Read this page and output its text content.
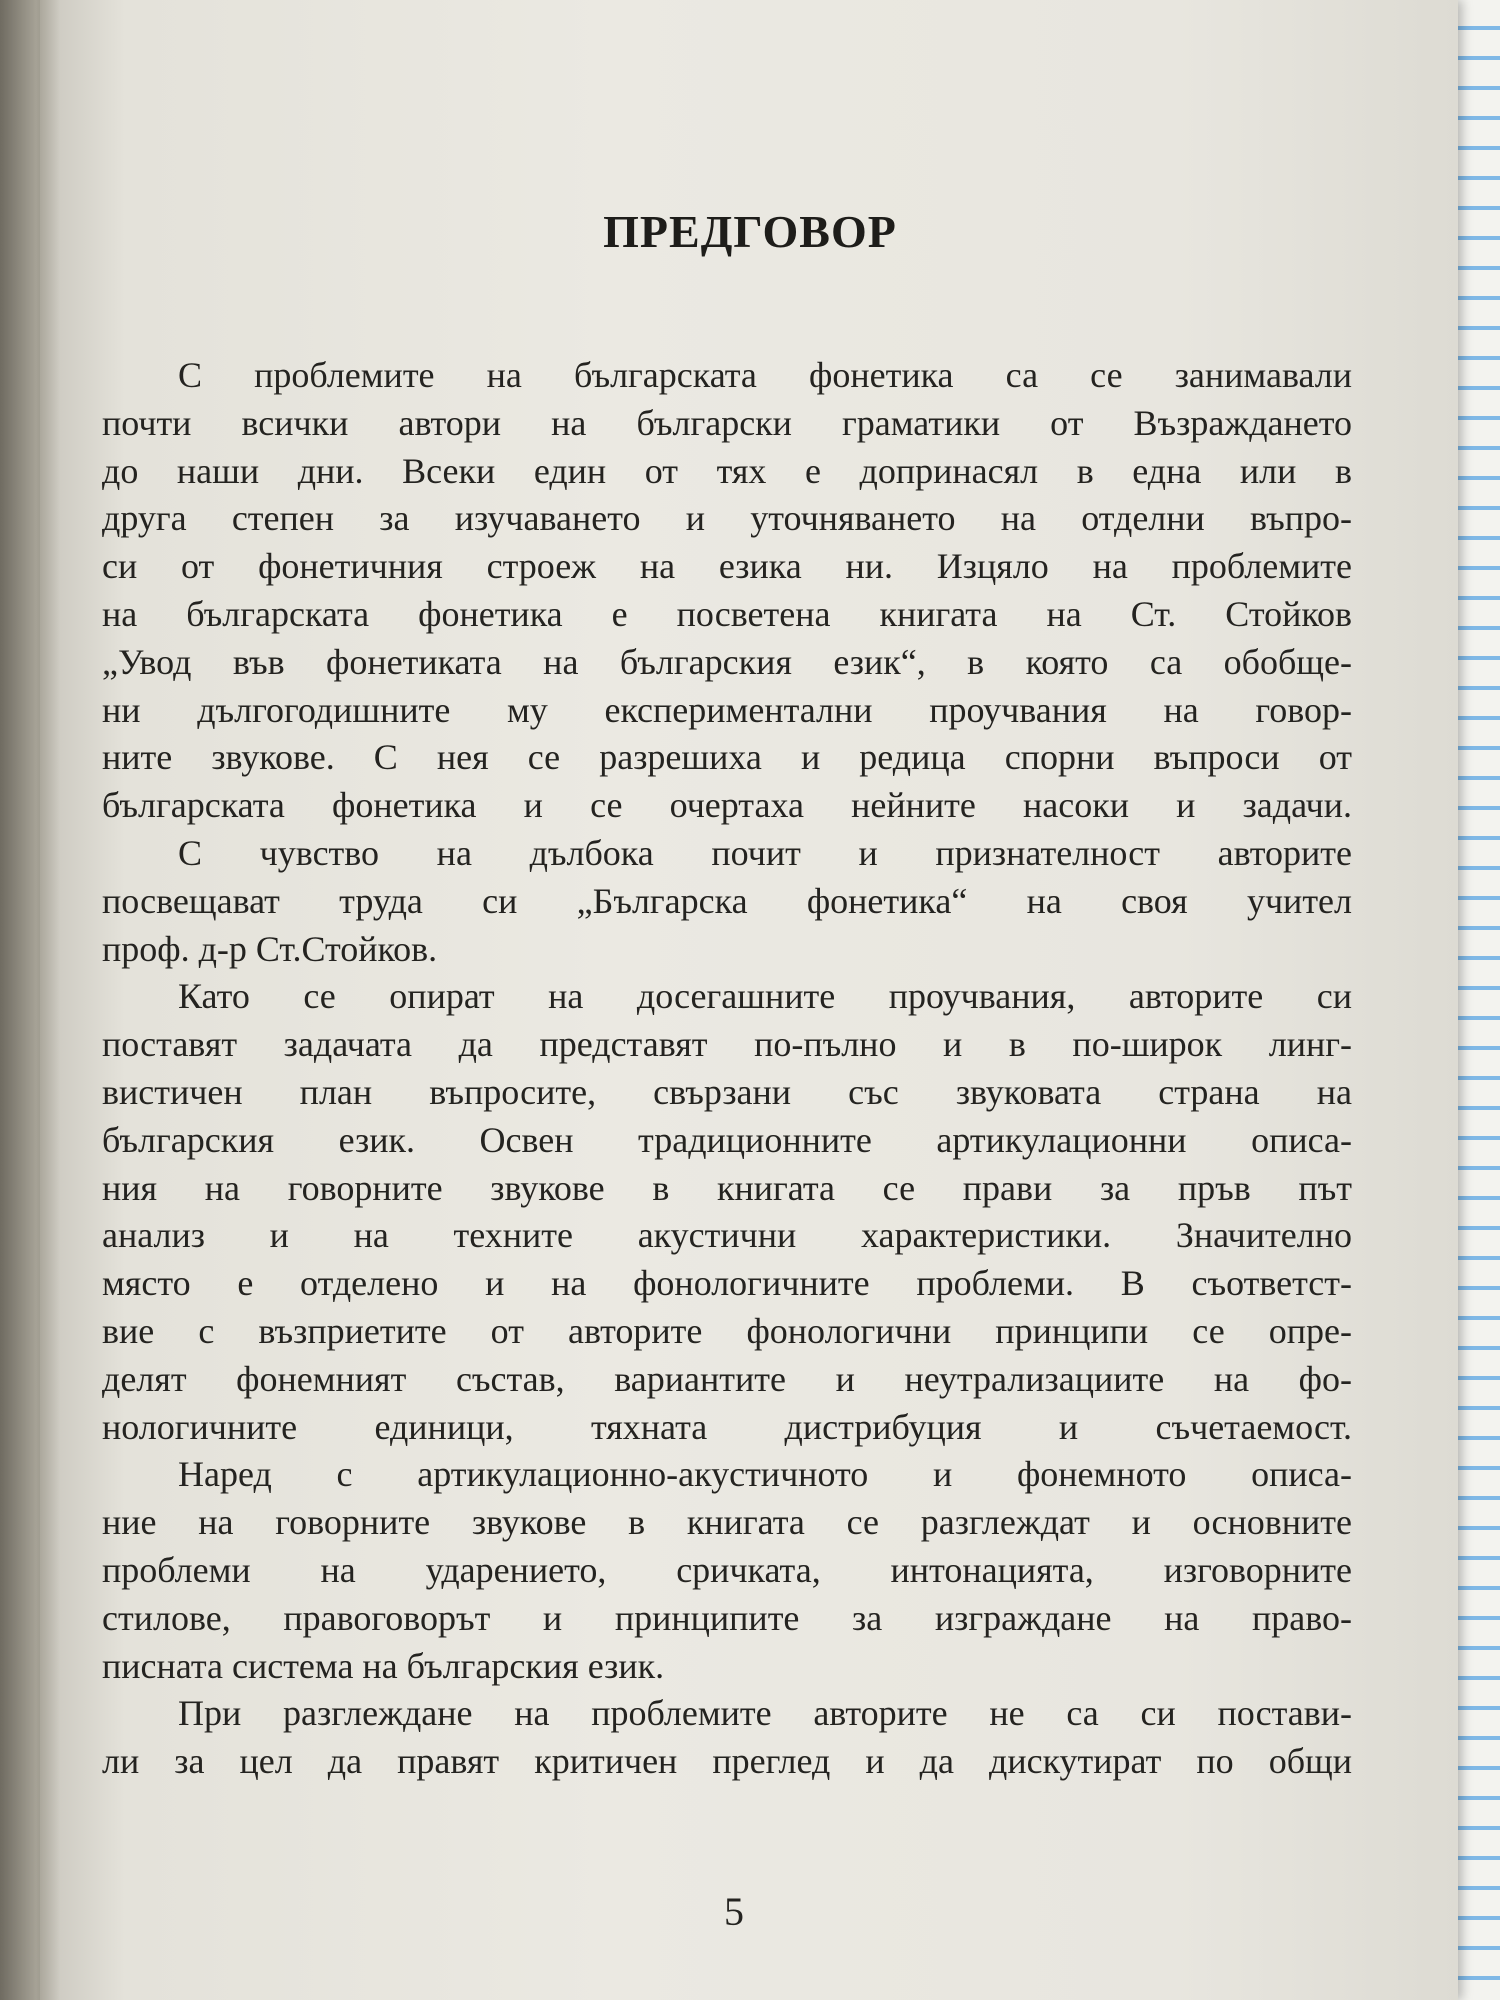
ПРЕДГОВОР
С проблемите на българската фонетика са се занимавали
почти всички автори на български граматики от Възраждането
до наши дни. Всеки един от тях е допринасял в една или в
друга степен за изучаването и уточняването на отделни въпро-
си от фонетичния строеж на езика ни. Изцяло на проблемите
на българската фонетика е посветена книгата на Ст. Стойков
„Увод във фонетиката на българския език“, в която са обобще-
ни дългогодишните му експериментални проучвания на говор-
ните звукове. С нея се разрешиха и редица спорни въпроси от
българската фонетика и се очертаха нейните насоки и задачи.
С чувство на дълбока почит и признателност авторите
посвещават труда си „Българска фонетика“ на своя учител
проф. д-р Ст.Стойков.
Като се опират на досегашните проучвания, авторите си
поставят задачата да представят по-пълно и в по-широк линг-
вистичен план въпросите, свързани със звуковата страна на
българския език. Освен традиционните артикулационни описа-
ния на говорните звукове в книгата се прави за пръв път
анализ и на техните акустични характеристики. Значително
място е отделено и на фонологичните проблеми. В съответст-
вие с възприетите от авторите фонологични принципи се опре-
делят фонемният състав, вариантите и неутрализациите на фо-
нологичните единици, тяхната дистрибуция и съчетаемост.
Наред с артикулационно-акустичното и фонемното описа-
ние на говорните звукове в книгата се разглеждат и основните
проблеми на ударението, сричката, интонацията, изговорните
стилове, правоговорът и принципите за изграждане на право-
писната система на българския език.
При разглеждане на проблемите авторите не са си постави-
ли за цел да правят критичен преглед и да дискутират по общи

5
